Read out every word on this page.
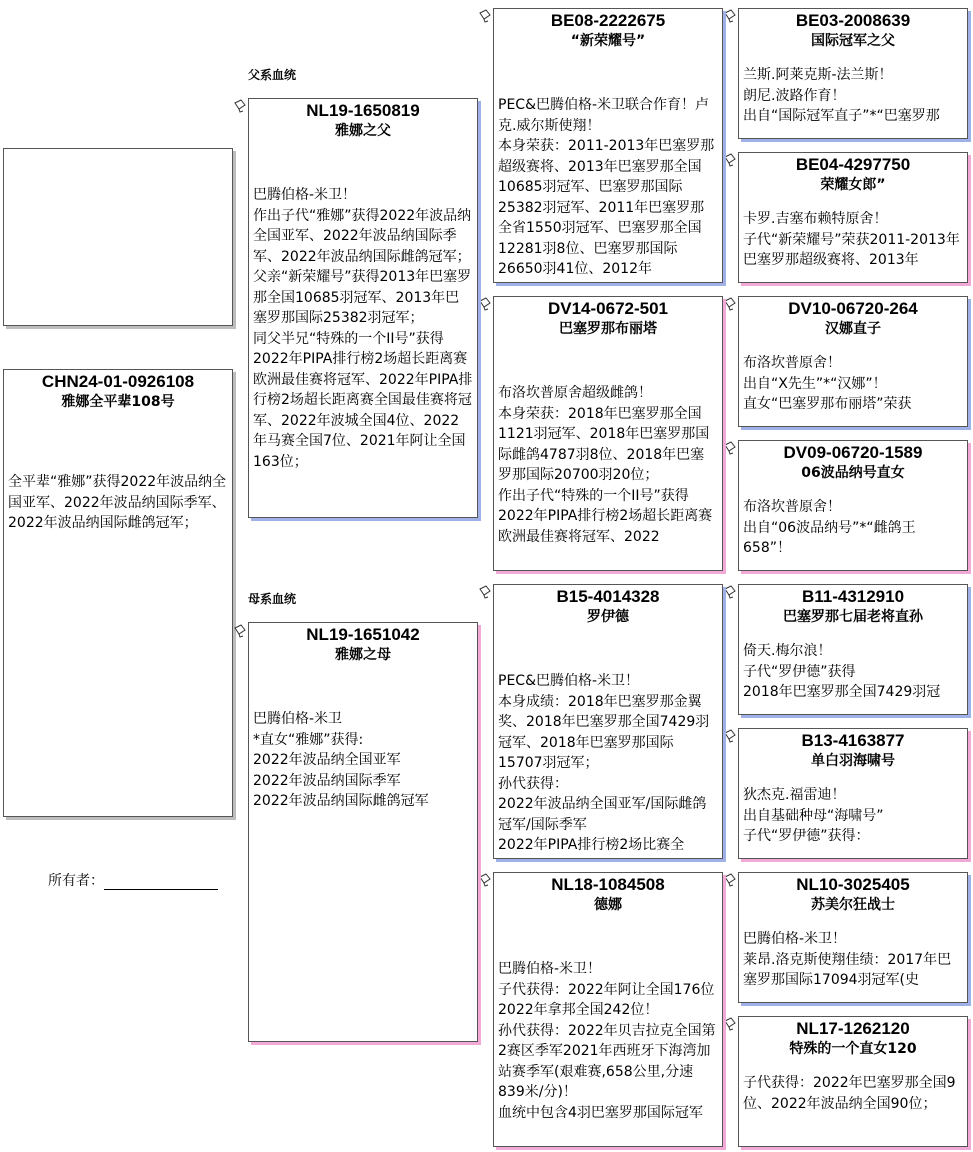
CHN24-01-0926108
雅娜全平辈108号
全平辈“雅娜”获得2022年波品纳全国亚军、2022年波品纳国际季军、2022年波品纳国际雌鸽冠军；
所有者：
父系血统
母系血统
NL19-1650819
雅娜之父
巴腾伯格-米卫！
作出子代“雅娜”获得2022年波品纳全国亚军、2022年波品纳国际季军、2022年波品纳国际雌鸽冠军；
父亲“新荣耀号”获得2013年巴塞罗那全国10685羽冠军、2013年巴塞罗那国际25382羽冠军；
同父半兄“特殊的一个II号”获得2022年PIPA排行榜2场超长距离赛欧洲最佳赛将冠军、2022年PIPA排行榜2场超长距离赛全国最佳赛将冠军、2022年波城全国4位、2022年马赛全国7位、2021年阿让全国163位；
NL19-1651042
雅娜之母
巴腾伯格-米卫
*直女“雅娜”获得:
2022年波品纳全国亚军
2022年波品纳国际季军
2022年波品纳国际雌鸽冠军
BE08-2222675
“新荣耀号”
PEC&巴腾伯格-米卫联合作育！卢克.威尔斯使翔！
本身荣获：2011-2013年巴塞罗那超级赛将、2013年巴塞罗那全国10685羽冠军、巴塞罗那国际25382羽冠军、2011年巴塞罗那全省1550羽冠军、巴塞罗那全国12281羽8位、巴塞罗那国际26650羽41位、2012年
DV14-0672-501
巴塞罗那布丽塔
布洛坎普原舍超级雌鸽！
本身荣获：2018年巴塞罗那全国1121羽冠军、2018年巴塞罗那国际雌鸽4787羽8位、2018年巴塞罗那国际20700羽20位；
作出子代“特殊的一个II号”获得2022年PIPA排行榜2场超长距离赛欧洲最佳赛将冠军、2022
B15-4014328
罗伊德
PEC&巴腾伯格-米卫！
本身成绩：2018年巴塞罗那金翼奖、2018年巴塞罗那全国7429羽冠军、2018年巴塞罗那国际15707羽冠军；
孙代获得：
2022年波品纳全国亚军/国际雌鸽冠军/国际季军
2022年PIPA排行榜2场比赛全
NL18-1084508
德娜
巴腾伯格-米卫！
子代获得：2022年阿让全国176位2022年拿邦全国242位！
孙代获得：2022年贝吉拉克全国第2赛区季军2021年西班牙下海湾加站赛季军(艰难赛,658公里,分速839米/分)！
血统中包含4羽巴塞罗那国际冠军
BE03-2008639
国际冠军之父
兰斯.阿莱克斯-法兰斯！
朗尼.波路作育！
出自“国际冠军直子”*“巴塞罗那
BE04-4297750
荣耀女郎”
卡罗.吉塞布赖特原舍！
子代“新荣耀号”荣获2011-2013年巴塞罗那超级赛将、2013年
DV10-06720-264
汉娜直子
布洛坎普原舍！
出自“X先生”*“汉娜”！
直女“巴塞罗那布丽塔”荣获
DV09-06720-1589
06波品纳号直女
布洛坎普原舍！
出自“06波品纳号”*“雌鸽王658”！
B11-4312910
巴塞罗那七届老将直孙
倚天.梅尔浪！
子代“罗伊德”获得
2018年巴塞罗那全国7429羽冠
B13-4163877
单白羽海啸号
狄杰克.福雷迪！
出自基础种母“海啸号”
子代“罗伊德”获得：
NL10-3025405
苏美尔狂战士
巴腾伯格-米卫！
莱昂.洛克斯使翔佳绩：2017年巴塞罗那国际17094羽冠军(史
NL17-1262120
特殊的一个直女120
子代获得：2022年巴塞罗那全国9位、2022年波品纳全国90位；
